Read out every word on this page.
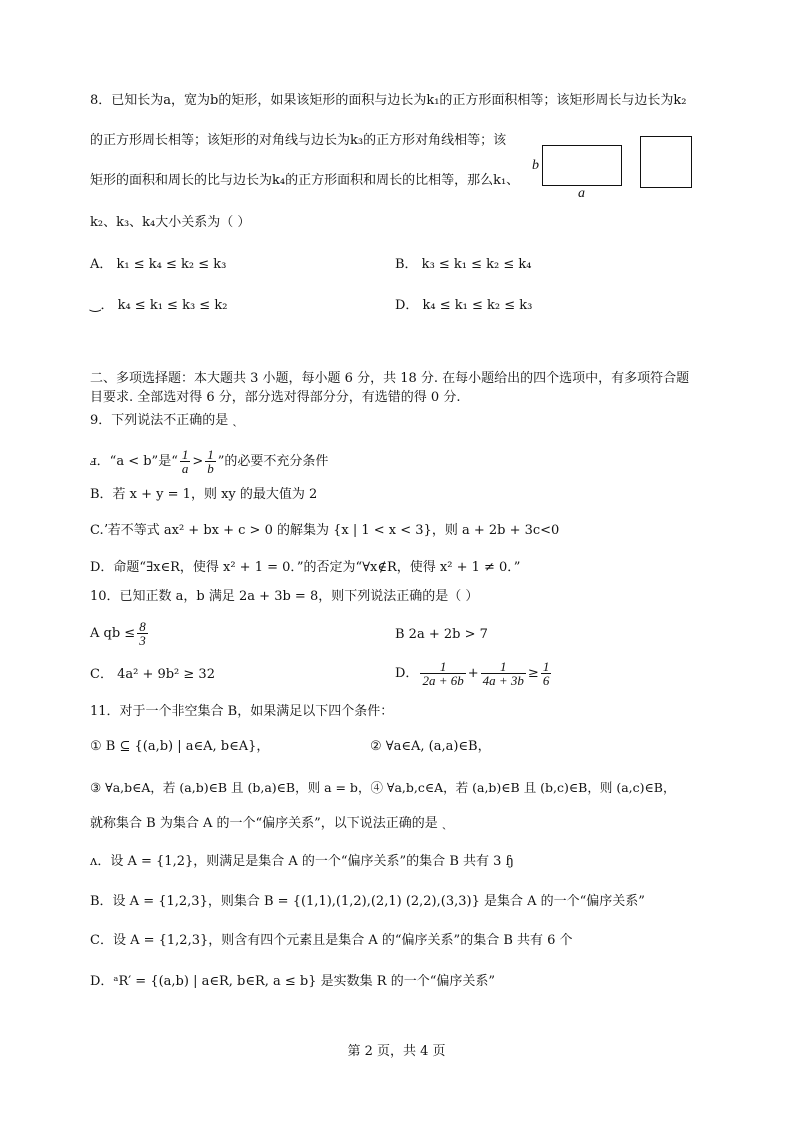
8．已知长为a，宽为b的矩形，如果该矩形的面积与边长为k₁的正方形面积相等；该矩形周长与边长为k₂
的正方形周长相等；该矩形的对角线与边长为k₃的正方形对角线相等；该
矩形的面积和周长的比与边长为k₄的正方形面积和周长的比相等，那么k₁、
k₂、k₃、k₄大小关系为（ ）
b
a
A． k₁ ≤ k₄ ≤ k₂ ≤ k₃	B． k₃ ≤ k₁ ≤ k₂ ≤ k₄
‿． k₄ ≤ k₁ ≤ k₃ ≤ k₂	D． k₄ ≤ k₁ ≤ k₂ ≤ k₃
二、多项选择题：本大题共 3 小题，每小题 6 分，共 18 分. 在每小题给出的四个选项中，有多项符合题
目要求. 全部选对得 6 分，部分选对得部分分，有选错的得 0 分.
9．下列说法不正确的是 ˎ
ⅎ．“a < b”是“ $\frac{1}{a} > \frac{1}{b}$ ”的必要不充分条件
B．若 x + y = 1，则 xy 的最大值为 2
C.ʼ若不等式 ax² + bx + c > 0 的解集为 {x | 1 < x < 3}，则 a + 2b + 3c<0
D．命题“∃x∈R，使得 x² + 1 = 0．”的否定为“∀x∉R，使得 x² + 1 ≠ 0．”
10．已知正数 a，b 满足 2a + 3b = 8，则下列说法正确的是（ ）
A qb ≤ $\frac{8}{3}$	B 2a + 2b > 7
C． 4a² + 9b² ≥ 32	D． $\frac{1}{2a + 6b} + \frac{1}{4a + 3b} \ge \frac{1}{6}$
11．对于一个非空集合 B，如果满足以下四个条件：
① B ⊆ {(a,b) | a∈A, b∈A}，	② ∀a∈A, (a,a)∈B，
③ ∀a,b∈A，若 (a,b)∈B 且 (b,a)∈B，则 a = b，④ ∀a,b,c∈A，若 (a,b)∈B 且 (b,c)∈B，则 (a,c)∈B，
就称集合 B 为集合 A 的一个“偏序关系”，以下说法正确的是 ˎ
ʌ．设 A = {1,2}，则满足是集合 A 的一个“偏序关系”的集合 B 共有 3 ɧ
B．设 A = {1,2,3}，则集合 B = {(1,1),(1,2),(2,1) (2,2),(3,3)} 是集合 A 的一个“偏序关系”
C．设 A = {1,2,3}，则含有四个元素且是集合 A 的“偏序关系”的集合 B 共有 6 个
D．ᵃR′ = {(a,b) | a∈R, b∈R, a ≤ b} 是实数集 R 的一个“偏序关系”
第 2 页，共 4 页
